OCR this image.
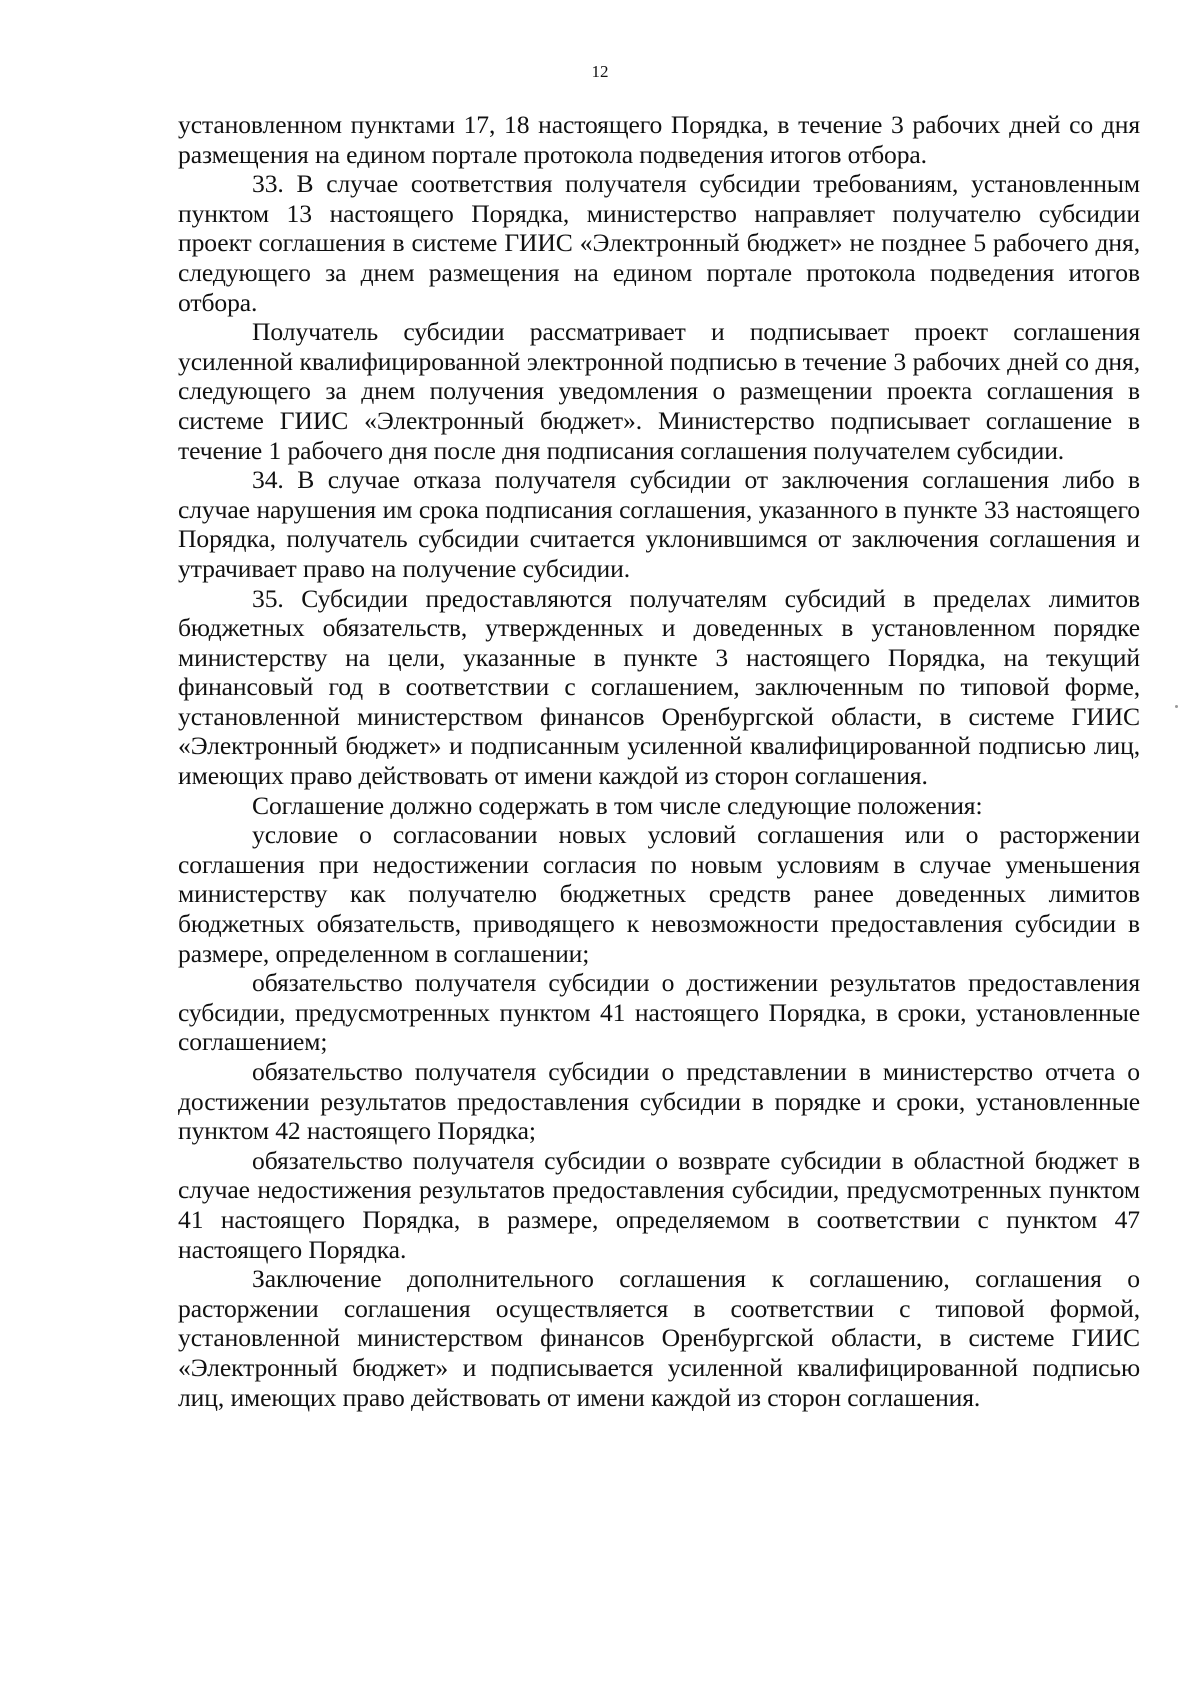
12

установленном пунктами 17, 18 настоящего Порядка, в течение 3 рабочих дней со дня размещения на едином портале протокола подведения итогов отбора.

33. В случае соответствия получателя субсидии требованиям, установленным пунктом 13 настоящего Порядка, министерство направляет получателю субсидии проект соглашения в системе ГИИС «Электронный бюджет» не позднее 5 рабочего дня, следующего за днем размещения на едином портале протокола подведения итогов отбора.

Получатель субсидии рассматривает и подписывает проект соглашения усиленной квалифицированной электронной подписью в течение 3 рабочих дней со дня, следующего за днем получения уведомления о размещении проекта соглашения в системе ГИИС «Электронный бюджет». Министерство подписывает соглашение в течение 1 рабочего дня после дня подписания соглашения получателем субсидии.

34. В случае отказа получателя субсидии от заключения соглашения либо в случае нарушения им срока подписания соглашения, указанного в пункте 33 настоящего Порядка, получатель субсидии считается уклонившимся от заключения соглашения и утрачивает право на получение субсидии.

35. Субсидии предоставляются получателям субсидий в пределах лимитов бюджетных обязательств, утвержденных и доведенных в установленном порядке министерству на цели, указанные в пункте 3 настоящего Порядка, на текущий финансовый год в соответствии с соглашением, заключенным по типовой форме, установленной министерством финансов Оренбургской области, в системе ГИИС «Электронный бюджет» и подписанным усиленной квалифицированной подписью лиц, имеющих право действовать от имени каждой из сторон соглашения.

Соглашение должно содержать в том числе следующие положения:

условие о согласовании новых условий соглашения или о расторжении соглашения при недостижении согласия по новым условиям в случае уменьшения министерству как получателю бюджетных средств ранее доведенных лимитов бюджетных обязательств, приводящего к невозможности предоставления субсидии в размере, определенном в соглашении;

обязательство получателя субсидии о достижении результатов предоставления субсидии, предусмотренных пунктом 41 настоящего Порядка, в сроки, установленные соглашением;

обязательство получателя субсидии о представлении в министерство отчета о достижении результатов предоставления субсидии в порядке и сроки, установленные пунктом 42 настоящего Порядка;

обязательство получателя субсидии о возврате субсидии в областной бюджет в случае недостижения результатов предоставления субсидии, предусмотренных пунктом 41 настоящего Порядка, в размере, определяемом в соответствии с пунктом 47 настоящего Порядка.

Заключение дополнительного соглашения к соглашению, соглашения о расторжении соглашения осуществляется в соответствии с типовой формой, установленной министерством финансов Оренбургской области, в системе ГИИС «Электронный бюджет» и подписывается усиленной квалифицированной подписью лиц, имеющих право действовать от имени каждой из сторон соглашения.
